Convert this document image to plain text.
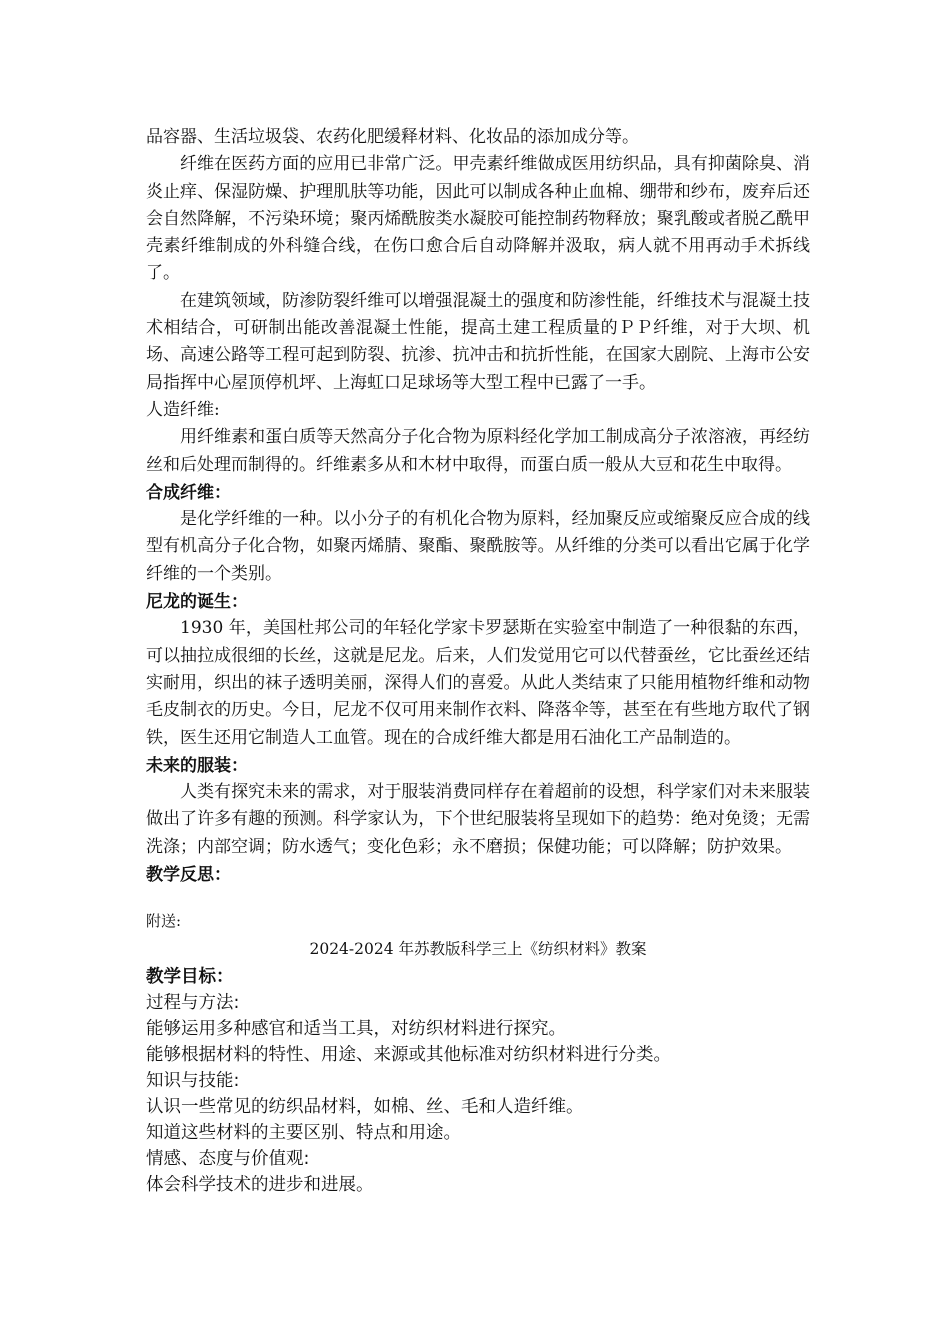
品容器、生活垃圾袋、农药化肥缓释材料、化妆品的添加成分等。

纤维在医药方面的应用已非常广泛。甲壳素纤维做成医用纺织品，具有抑菌除臭、消炎止痒、保湿防燥、护理肌肤等功能，因此可以制成各种止血棉、绷带和纱布，废弃后还会自然降解，不污染环境；聚丙烯酰胺类水凝胶可能控制药物释放；聚乳酸或者脱乙酰甲壳素纤维制成的外科缝合线，在伤口愈合后自动降解并汲取，病人就不用再动手术拆线了。

在建筑领域，防渗防裂纤维可以增强混凝土的强度和防渗性能，纤维技术与混凝土技术相结合，可研制出能改善混凝土性能，提高土建工程质量的ＰＰ纤维，对于大坝、机场、高速公路等工程可起到防裂、抗渗、抗冲击和抗折性能，在国家大剧院、上海市公安局指挥中心屋顶停机坪、上海虹口足球场等大型工程中已露了一手。

人造纤维:

用纤维素和蛋白质等天然高分子化合物为原料经化学加工制成高分子浓溶液，再经纺丝和后处理而制得的。纤维素多从和木材中取得，而蛋白质一般从大豆和花生中取得。

合成纤维：

是化学纤维的一种。以小分子的有机化合物为原料，经加聚反应或缩聚反应合成的线型有机高分子化合物，如聚丙烯腈、聚酯、聚酰胺等。从纤维的分类可以看出它属于化学纤维的一个类别。

尼龙的诞生：

1930 年，美国杜邦公司的年轻化学家卡罗瑟斯在实验室中制造了一种很黏的东西，可以抽拉成很细的长丝，这就是尼龙。后来，人们发觉用它可以代替蚕丝，它比蚕丝还结实耐用，织出的袜子透明美丽，深得人们的喜爱。从此人类结束了只能用植物纤维和动物毛皮制衣的历史。今日，尼龙不仅可用来制作衣料、降落伞等，甚至在有些地方取代了钢铁，医生还用它制造人工血管。现在的合成纤维大都是用石油化工产品制造的。

未来的服装：

人类有探究未来的需求，对于服装消费同样存在着超前的设想，科学家们对未来服装做出了许多有趣的预测。科学家认为，下个世纪服装将呈现如下的趋势：绝对免烫；无需洗涤；内部空调；防水透气；变化色彩；永不磨损；保健功能；可以降解；防护效果。

教学反思：

附送:

2024-2024 年苏教版科学三上《纺织材料》教案

教学目标：

过程与方法:

能够运用多种感官和适当工具，对纺织材料进行探究。

能够根据材料的特性、用途、来源或其他标准对纺织材料进行分类。

知识与技能:

认识一些常见的纺织品材料，如棉、丝、毛和人造纤维。

知道这些材料的主要区别、特点和用途。

情感、态度与价值观:

体会科学技术的进步和进展。
